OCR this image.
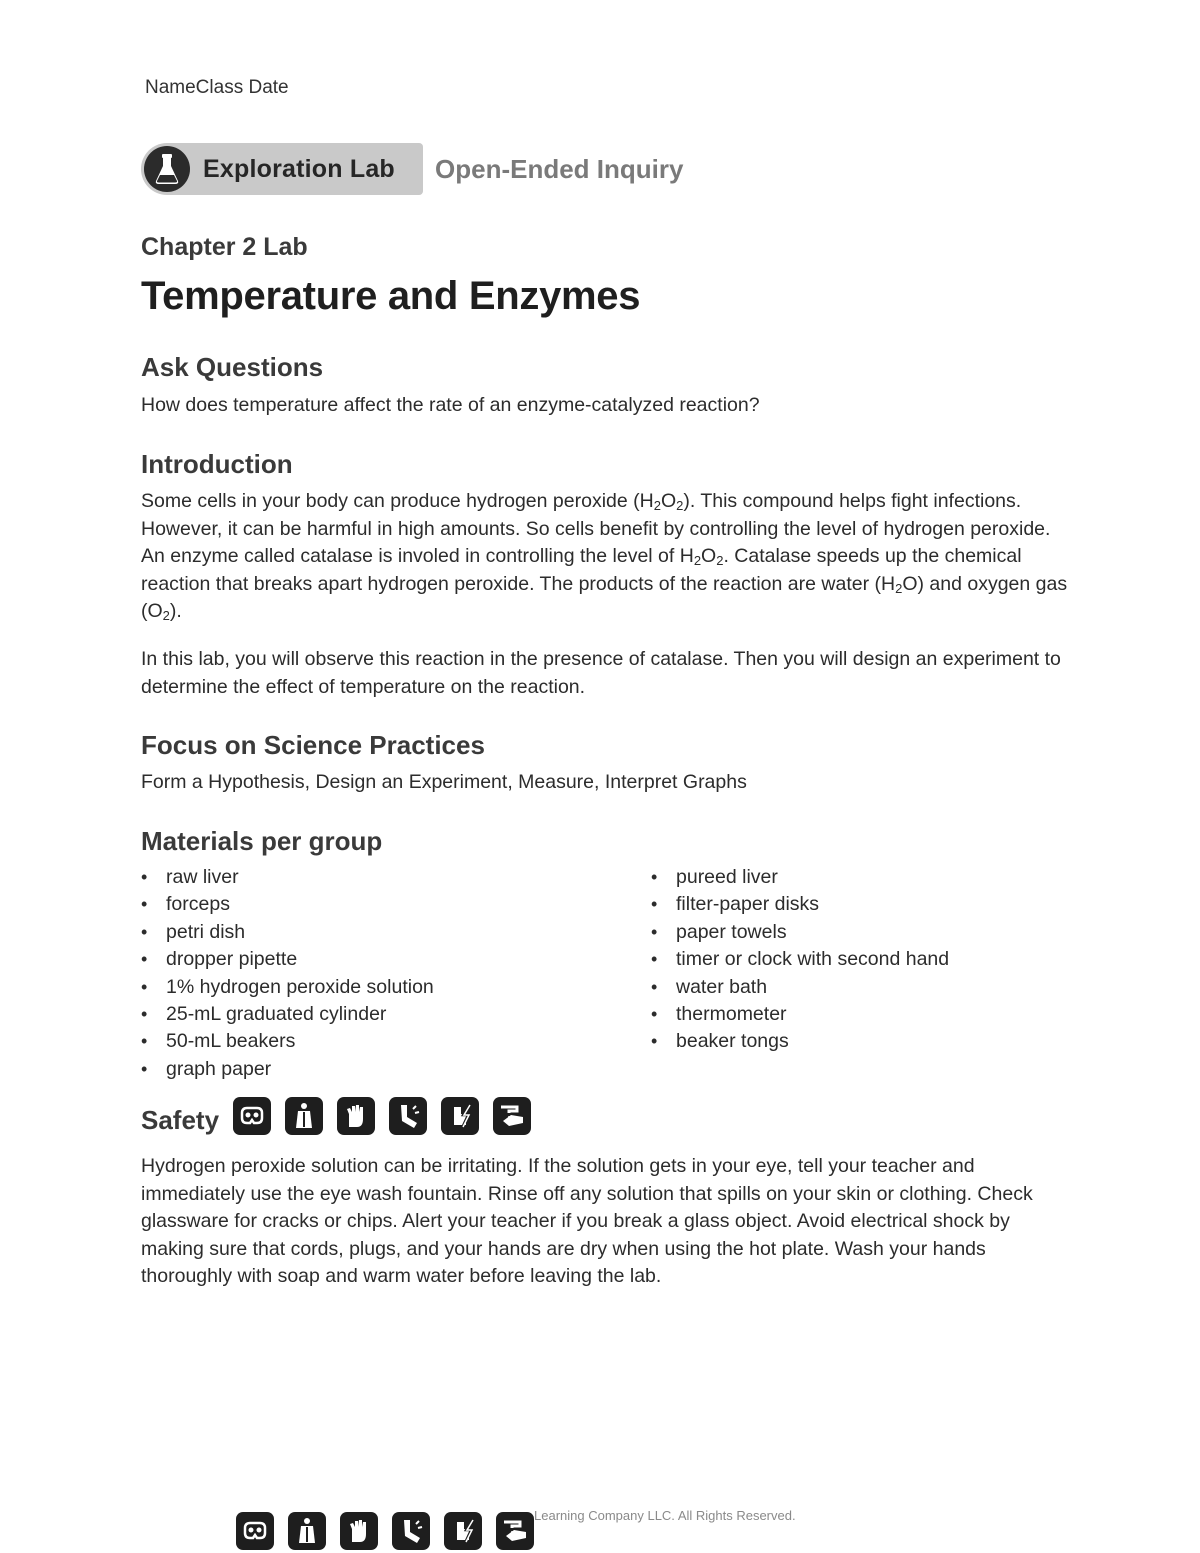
NameClass Date
Exploration Lab Open-Ended Inquiry
Chapter 2 Lab
Temperature and Enzymes
Ask Questions

How does temperature affect the rate of an enzyme-catalyzed reaction?

Introduction

Some cells in your body can produce hydrogen peroxide $(H_2O_2)$. This compound helps fight infections. However, it can be harmful in high amounts. So cells benefit by controlling the level of hydrogen peroxide. An enzyme called catalase is involed in controlling the level of $H_2O_2$. Catalase speeds up the chemical reaction that breaks apart hydrogen peroxide. The products of the reaction are water $(H_2O)$ and oxygen gas $(O_2)$.

In this lab, you will observe this reaction in the presence of catalase. Then you will design an experiment to determine the effect of temperature on the reaction.

Focus on Science Practices

Form a Hypothesis, Design an Experiment, Measure, Interpret Graphs

Materials per group
• raw liver
• forceps
• petri dish
• dropper pipette
• 1% hydrogen peroxide solution
• 25-mL graduated cylinder
• 50-mL beakers
• graph paper
• pureed liver
• filter-paper disks
• paper towels
• timer or clock with second hand
• water bath
• thermometer
• beaker tongs
Safety

Hydrogen peroxide solution can be irritating. If the solution gets in your eye, tell your teacher and immediately use the eye wash fountain. Rinse off any solution that spills on your skin or clothing. Check glassware for cracks or chips. Alert your teacher if you break a glass object. Avoid electrical shock by making sure that cords, plugs, and your hands are dry when using the hot plate. Wash your hands thoroughly with soap and warm water before leaving the lab.

Learning Company LLC. All Rights Reserved.
